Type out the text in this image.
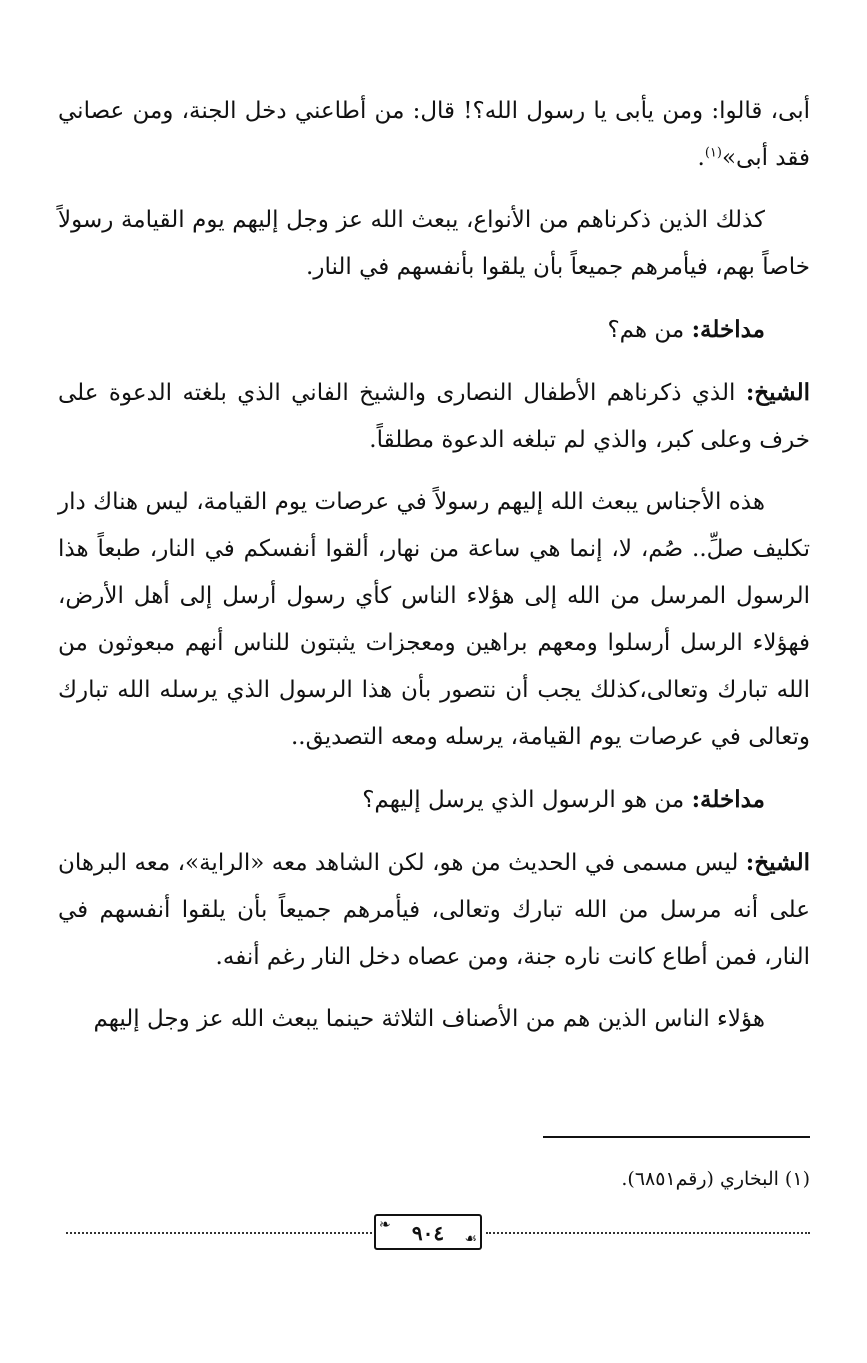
أبى، قالوا: ومن يأبى يا رسول الله؟! قال: من أطاعني دخل الجنة، ومن عصاني فقد أبى»$^{(١)}$.

كذلك الذين ذكرناهم من الأنواع، يبعث الله عز وجل إليهم يوم القيامة رسولاً خاصاً بهم، فيأمرهم جميعاً بأن يلقوا بأنفسهم في النار.

مداخلة: من هم؟

الشيخ: الذي ذكرناهم الأطفال النصارى والشيخ الفاني الذي بلغته الدعوة على خرف وعلى كبر، والذي لم تبلغه الدعوة مطلقاً.

هذه الأجناس يبعث الله إليهم رسولاً في عرصات يوم القيامة، ليس هناك دار تكليف صلِّ.. صُم، لا، إنما هي ساعة من نهار، ألقوا أنفسكم في النار، طبعاً هذا الرسول المرسل من الله إلى هؤلاء الناس كأي رسول أرسل إلى أهل الأرض، فهؤلاء الرسل أرسلوا ومعهم براهين ومعجزات يثبتون للناس أنهم مبعوثون من الله تبارك وتعالى،كذلك يجب أن نتصور بأن هذا الرسول الذي يرسله الله تبارك وتعالى في عرصات يوم القيامة، يرسله ومعه التصديق..

مداخلة: من هو الرسول الذي يرسل إليهم؟

الشيخ: ليس مسمى في الحديث من هو، لكن الشاهد معه «الراية»، معه البرهان على أنه مرسل من الله تبارك وتعالى، فيأمرهم جميعاً بأن يلقوا أنفسهم في النار، فمن أطاع كانت ناره جنة، ومن عصاه دخل النار رغم أنفه.

هؤلاء الناس الذين هم من الأصناف الثلاثة حينما يبعث الله عز وجل إليهم

(١) البخاري (رقم٦٨٥١).
❧
☙
٩٠٤
